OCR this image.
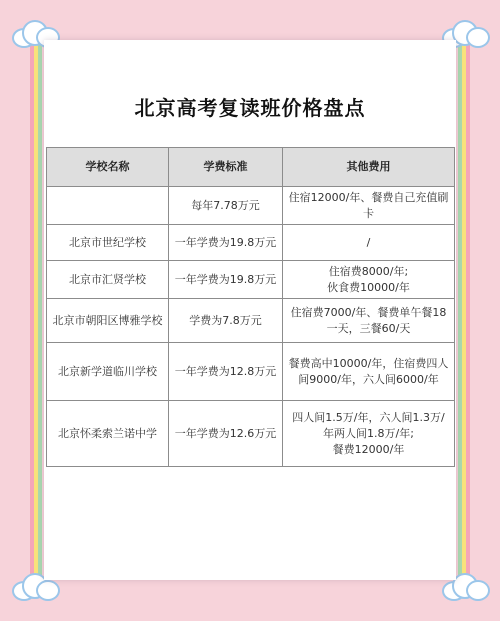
北京高考复读班价格盘点
学校名称	学费标准	其他费用
	每年7.78万元	住宿12000/年、餐费自己充值刷
卡
北京市世纪学校	一年学费为19.8万元	/
北京市汇贤学校	一年学费为19.8万元	住宿费8000/年;
伙食费10000/年
北京市朝阳区博雅学校	学费为7.8万元	住宿费7000/年、餐费单午餐18
一天，三餐60/天
北京新学道临川学校	一年学费为12.8万元	餐费高中10000/年，住宿费四人
间9000/年，六人间6000/年
北京怀柔索兰诺中学	一年学费为12.6万元	四人间1.5万/年，六人间1.3万/
年两人间1.8万/年;
餐费12000/年
